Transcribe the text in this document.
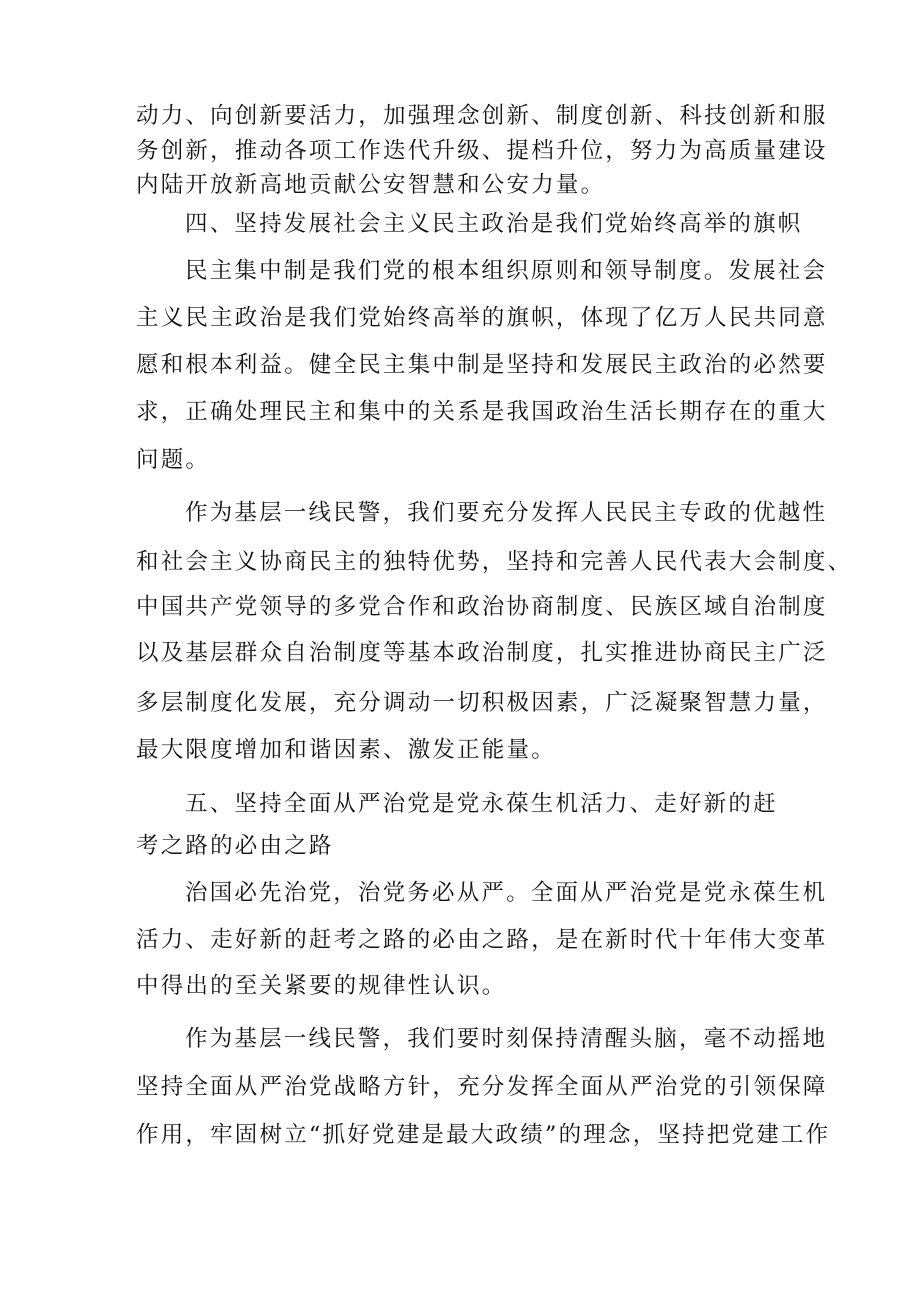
动力、向创新要活力，加强理念创新、制度创新、科技创新和服
务创新，推动各项工作迭代升级、提档升位，努力为高质量建设
内陆开放新高地贡献公安智慧和公安力量。
四、坚持发展社会主义民主政治是我们党始终高举的旗帜
民主集中制是我们党的根本组织原则和领导制度。发展社会
主义民主政治是我们党始终高举的旗帜，体现了亿万人民共同意
愿和根本利益。健全民主集中制是坚持和发展民主政治的必然要
求，正确处理民主和集中的关系是我国政治生活长期存在的重大
问题。
作为基层一线民警，我们要充分发挥人民民主专政的优越性
和社会主义协商民主的独特优势，坚持和完善人民代表大会制度、
中国共产党领导的多党合作和政治协商制度、民族区域自治制度
以及基层群众自治制度等基本政治制度，扎实推进协商民主广泛
多层制度化发展，充分调动一切积极因素，广泛凝聚智慧力量，
最大限度增加和谐因素、激发正能量。
五、坚持全面从严治党是党永葆生机活力、走好新的赶
考之路的必由之路
治国必先治党，治党务必从严。全面从严治党是党永葆生机
活力、走好新的赶考之路的必由之路，是在新时代十年伟大变革
中得出的至关紧要的规律性认识。
作为基层一线民警，我们要时刻保持清醒头脑，毫不动摇地
坚持全面从严治党战略方针，充分发挥全面从严治党的引领保障
作用，牢固树立“抓好党建是最大政绩”的理念，坚持把党建工作
